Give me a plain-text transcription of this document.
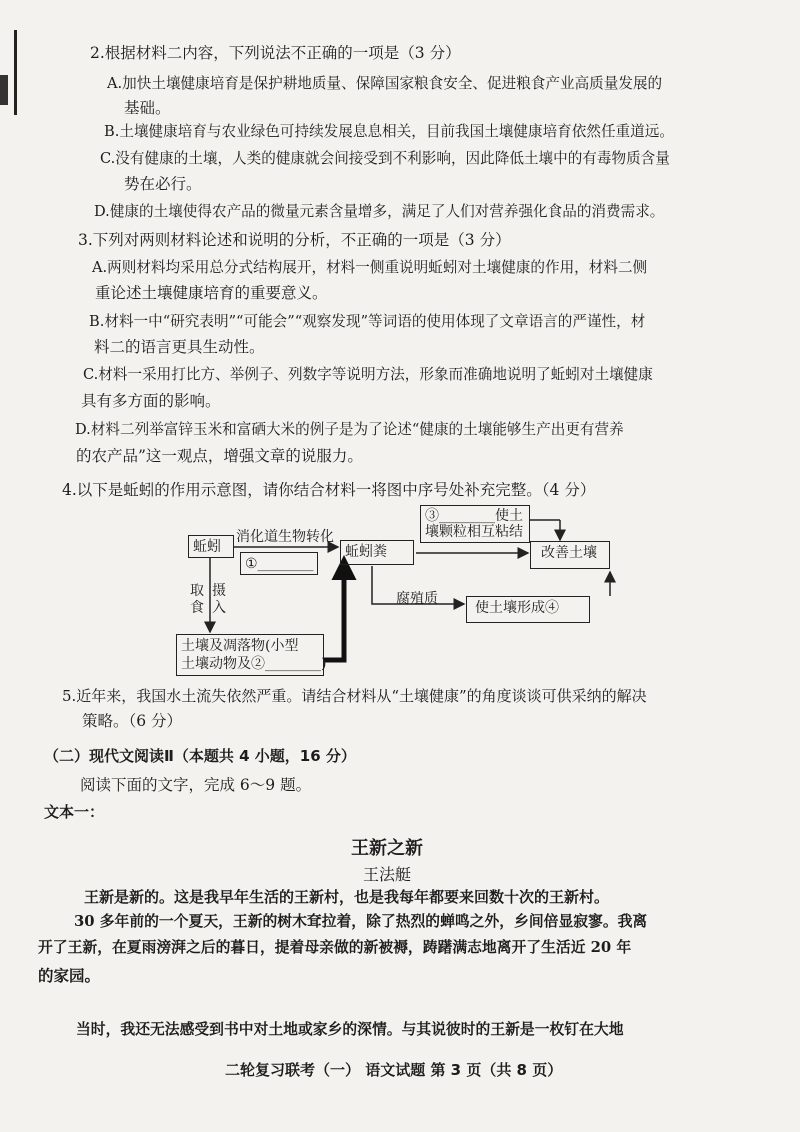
2.根据材料二内容，下列说法不正确的一项是（3 分）
A.加快土壤健康培育是保护耕地质量、保障国家粮食安全、促进粮食产业高质量发展的
基础。
B.土壤健康培育与农业绿色可持续发展息息相关，目前我国土壤健康培育依然任重道远。
C.没有健康的土壤，人类的健康就会间接受到不利影响，因此降低土壤中的有毒物质含量
势在必行。
D.健康的土壤使得农产品的微量元素含量增多，满足了人们对营养强化食品的消费需求。
3.下列对两则材料论述和说明的分析，不正确的一项是（3 分）
A.两则材料均采用总分式结构展开，材料一侧重说明蚯蚓对土壤健康的作用，材料二侧
重论述土壤健康培育的重要意义。
B.材料一中“研究表明”“可能会”“观察发现”等词语的使用体现了文章语言的严谨性，材
料二的语言更具生动性。
C.材料一采用打比方、举例子、列数字等说明方法，形象而准确地说明了蚯蚓对土壤健康
具有多方面的影响。
D.材料二列举富锌玉米和富硒大米的例子是为了论述“健康的土壤能够生产出更有营养
的农产品”这一观点，增强文章的说服力。
4.以下是蚯蚓的作用示意图，请你结合材料一将图中序号处补充完整。（4 分）
蚯蚓
消化道生物转化
①________
③________使土
壤颗粒相互粘结
蚯蚓粪	改善土壤
腐殖质
使土壤形成④
取食
摄入
土壤及凋落物(小型
土壤动物及②________)
5.近年来，我国水土流失依然严重。请结合材料从“土壤健康”的角度谈谈可供采纳的解决
策略。（6 分）
（二）现代文阅读Ⅱ（本题共 4 小题，16 分）
阅读下面的文字，完成 6～9 题。
文本一：
王新之新
王法艇
王新是新的。这是我早年生活的王新村，也是我每年都要来回数十次的王新村。
30 多年前的一个夏天，王新的树木耷拉着，除了热烈的蝉鸣之外，乡间倍显寂寥。我离
开了王新，在夏雨滂湃之后的暮日，提着母亲做的新被褥，踌躇满志地离开了生活近 20 年
的家园。
当时，我还无法感受到书中对土地或家乡的深情。与其说彼时的王新是一枚钉在大地
二轮复习联考（一） 语文试题 第 3 页（共 8 页）
